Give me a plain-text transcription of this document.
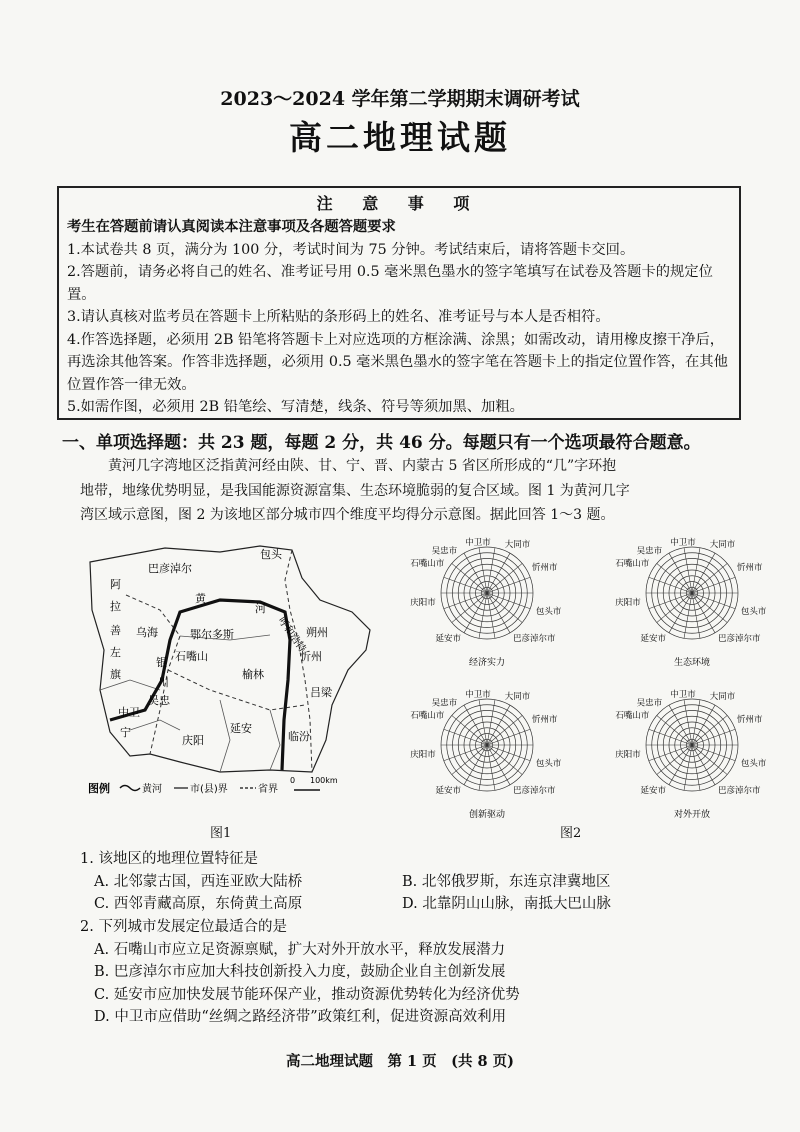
2023～2024 学年第二学期期末调研考试
高二地理试题
注 意 事 项

考生在答题前请认真阅读本注意事项及各题答题要求

1.本试卷共 8 页，满分为 100 分，考试时间为 75 分钟。考试结束后，请将答题卡交回。

2.答题前，请务必将自己的姓名、准考证号用 0.5 毫米黑色墨水的签字笔填写在试卷及答题卡的规定位置。

3.请认真核对监考员在答题卡上所粘贴的条形码上的姓名、准考证号与本人是否相符。

4.作答选择题，必须用 2B 铅笔将答题卡上对应选项的方框涂满、涂黑；如需改动，请用橡皮擦干净后，再选涂其他答案。作答非选择题，必须用 0.5 毫米黑色墨水的签字笔在答题卡上的指定位置作答，在其他位置作答一律无效。

5.如需作图，必须用 2B 铅笔绘、写清楚，线条、符号等须加黑、加粗。

一、单项选择题：共 23 题，每题 2 分，共 46 分。每题只有一个选项最符合题意。

黄河几字湾地区泛指黄河经由陕、甘、宁、晋、内蒙古 5 省区所形成的“几”字环抱

地带，地缘优势明显，是我国能源资源富集、生态环境脆弱的复合区域。图 1 为黄河几字

湾区域示意图，图 2 为该地区部分城市四个维度平均得分示意图。据此回答 1～3 题。

包头
巴彦淖尔
呼和浩特
阿
拉
善
左
旗
乌海	鄂尔多斯
黄
河
朔州
忻州
石嘴山
银
川
中卫
吴忠
榆林
吕梁
延安
庆阳	临汾
宁
图例	黄河	市(县)界	省界
0 100km
图1
中卫市 大同市
忻州市
包头市
巴彦淖尔市
延安市
庆阳市
石嘴山市
吴忠市
经济实力
中卫市 大同市
忻州市
包头市
巴彦淖尔市
延安市
庆阳市
石嘴山市
吴忠市
生态环境
中卫市 大同市
忻州市
包头市
巴彦淖尔市
延安市
庆阳市
石嘴山市
吴忠市
创新驱动
中卫市 大同市
忻州市
包头市
巴彦淖尔市
延安市
庆阳市
石嘴山市
吴忠市
对外开放
图2
1. 该地区的地理位置特征是
A. 北邻蒙古国，西连亚欧大陆桥	B. 北邻俄罗斯，东连京津冀地区
C. 西邻青藏高原，东倚黄土高原	D. 北靠阴山山脉，南抵大巴山脉
2. 下列城市发展定位最适合的是
A. 石嘴山市应立足资源禀赋，扩大对外开放水平，释放发展潜力
B. 巴彦淖尔市应加大科技创新投入力度，鼓励企业自主创新发展
C. 延安市应加快发展节能环保产业，推动资源优势转化为经济优势
D. 中卫市应借助“丝绸之路经济带”政策红利，促进资源高效利用
高二地理试题　第 1 页　(共 8 页)
